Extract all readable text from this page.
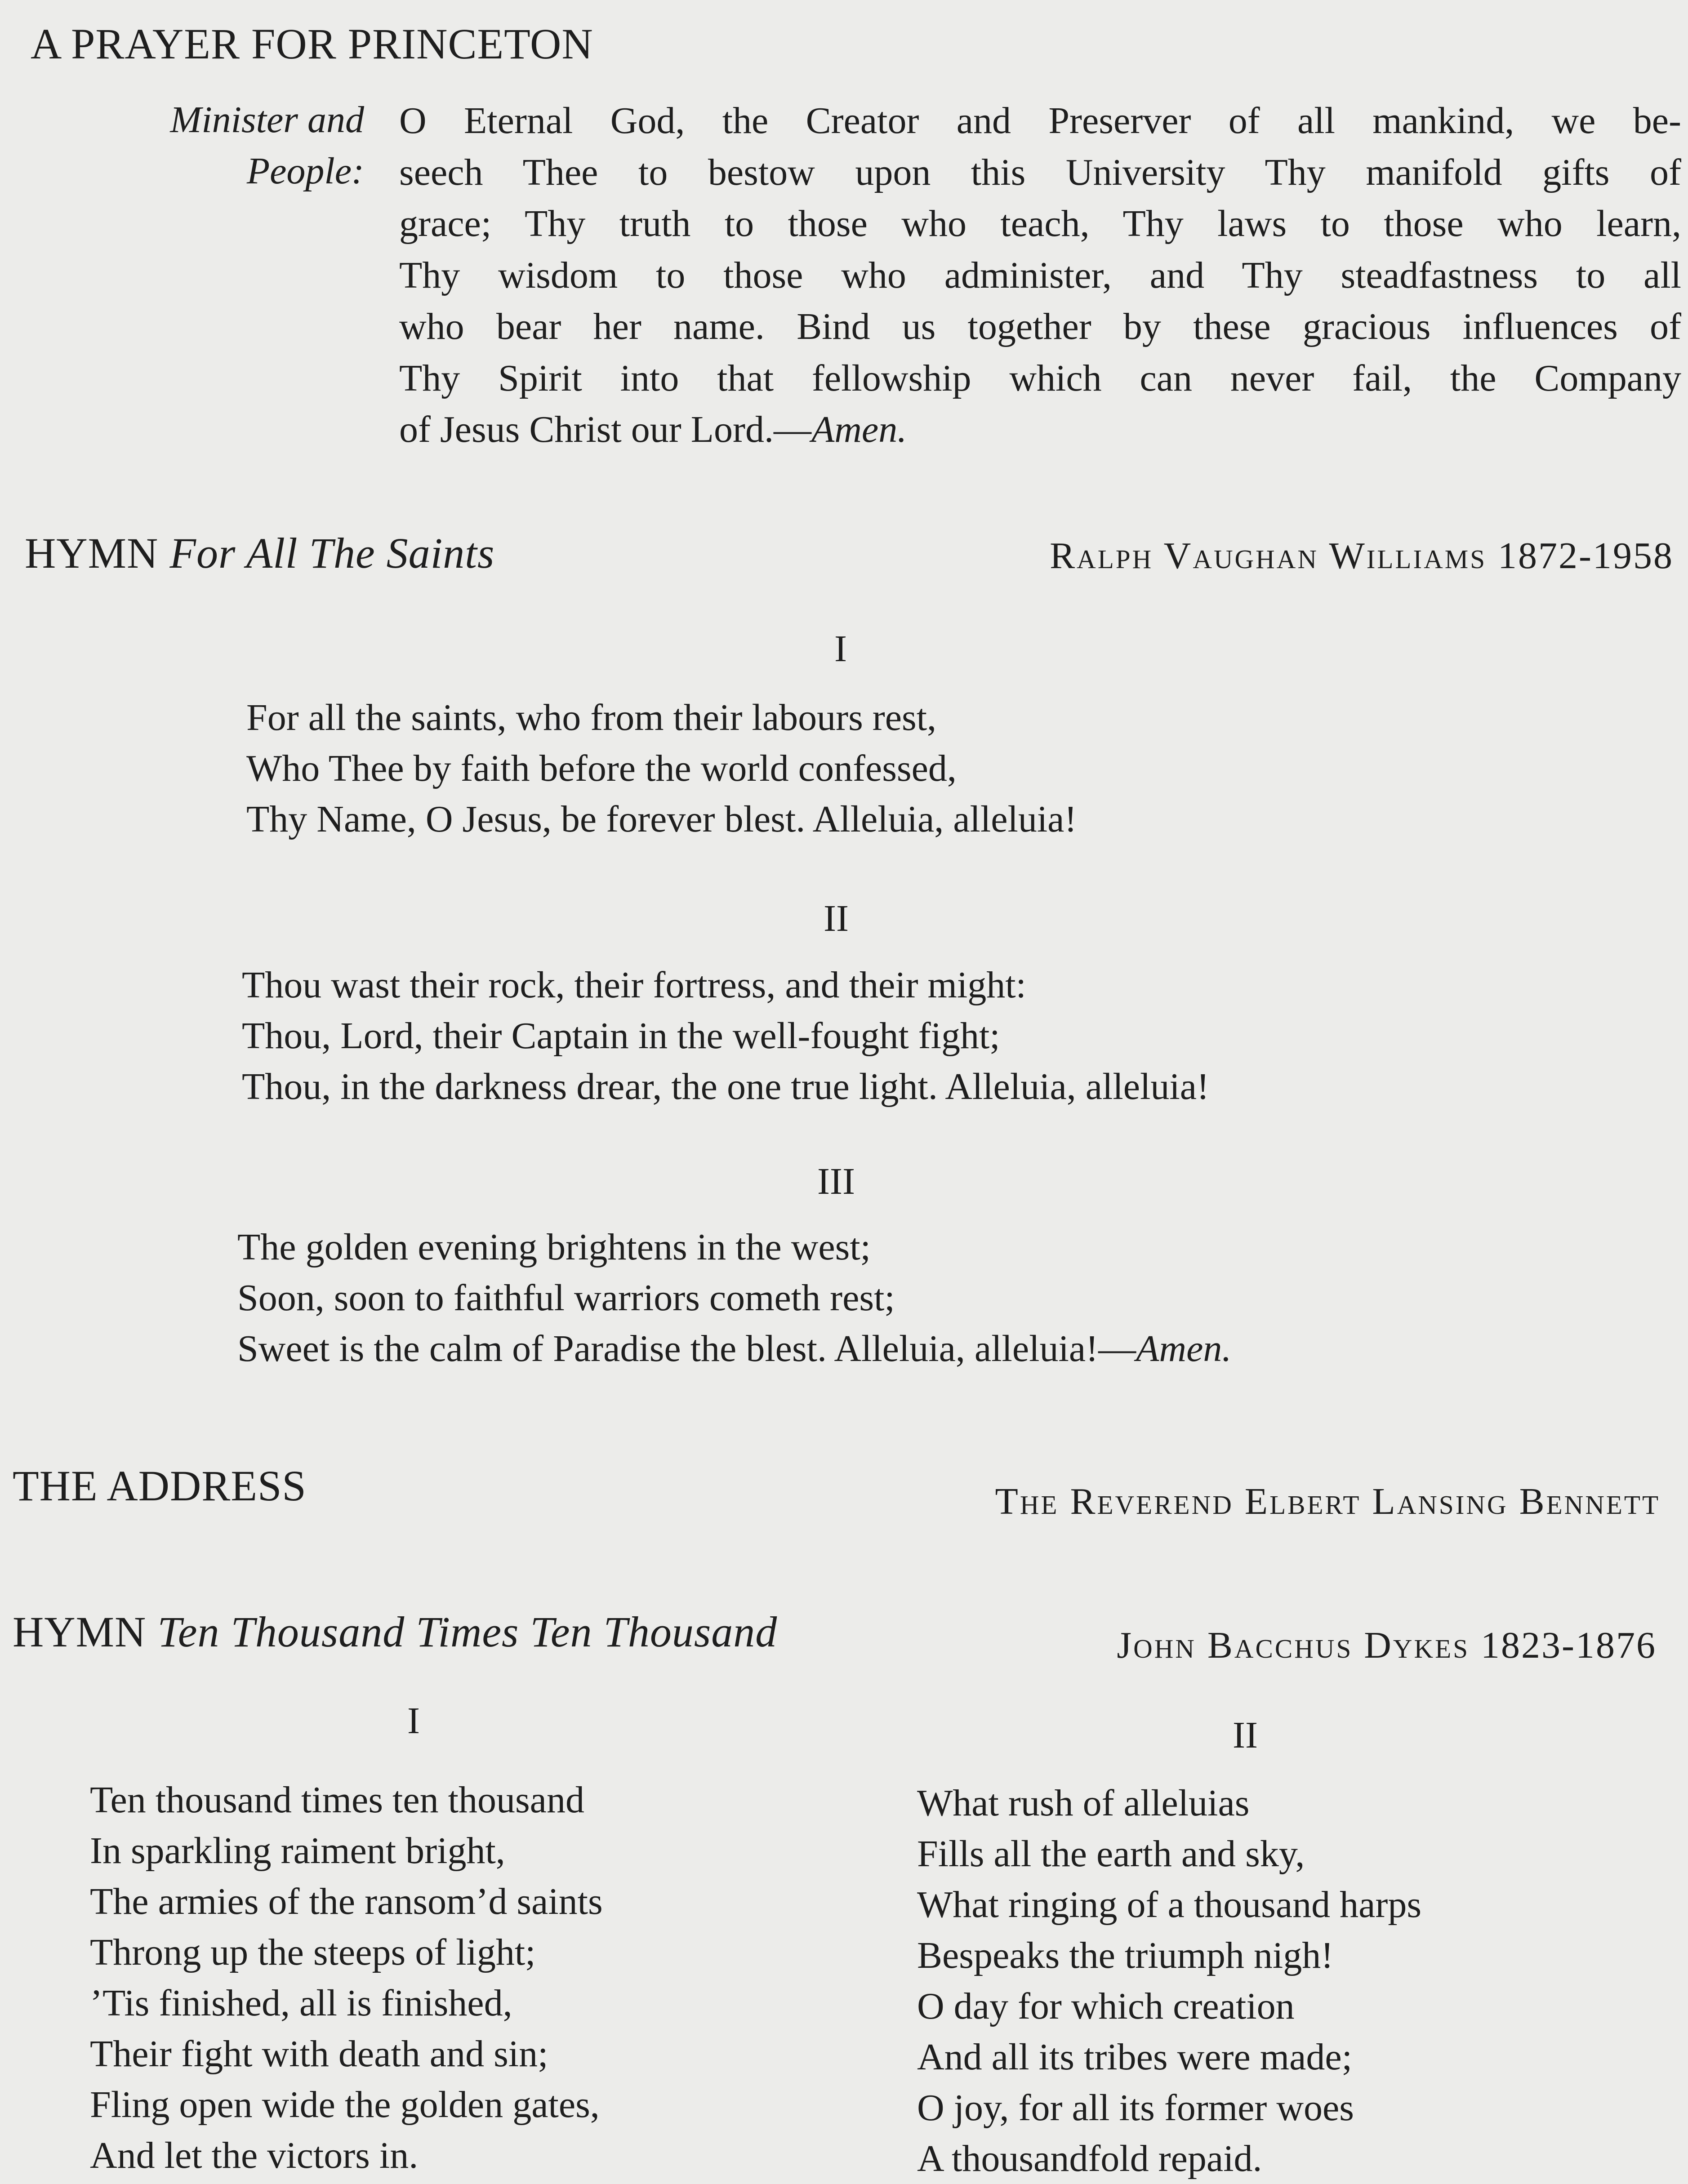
A PRAYER FOR PRINCETON
Minister and
People:
O Eternal God, the Creator and Preserver of all mankind, we be-
seech Thee to bestow upon this University Thy manifold gifts of
grace; Thy truth to those who teach, Thy laws to those who learn,
Thy wisdom to those who administer, and Thy steadfastness to all
who bear her name. Bind us together by these gracious influences of
Thy Spirit into that fellowship which can never fail, the Company
of Jesus Christ our Lord.—Amen.
HYMN For All The Saints	Ralph Vaughan Williams 1872-1958
I
For all the saints, who from their labours rest,
Who Thee by faith before the world confessed,
Thy Name, O Jesus, be forever blest. Alleluia, alleluia!
II
Thou wast their rock, their fortress, and their might:
Thou, Lord, their Captain in the well-fought fight;
Thou, in the darkness drear, the one true light. Alleluia, alleluia!
III
The golden evening brightens in the west;
Soon, soon to faithful warriors cometh rest;
Sweet is the calm of Paradise the blest. Alleluia, alleluia!—Amen.
THE ADDRESS	The Reverend Elbert Lansing Bennett
HYMN Ten Thousand Times Ten Thousand	John Bacchus Dykes 1823-1876
I
Ten thousand times ten thousand
In sparkling raiment bright,
The armies of the ransom’d saints
Throng up the steeps of light;
’Tis finished, all is finished,
Their fight with death and sin;
Fling open wide the golden gates,
And let the victors in.
II
What rush of alleluias
Fills all the earth and sky,
What ringing of a thousand harps
Bespeaks the triumph nigh!
O day for which creation
And all its tribes were made;
O joy, for all its former woes
A thousandfold repaid.
